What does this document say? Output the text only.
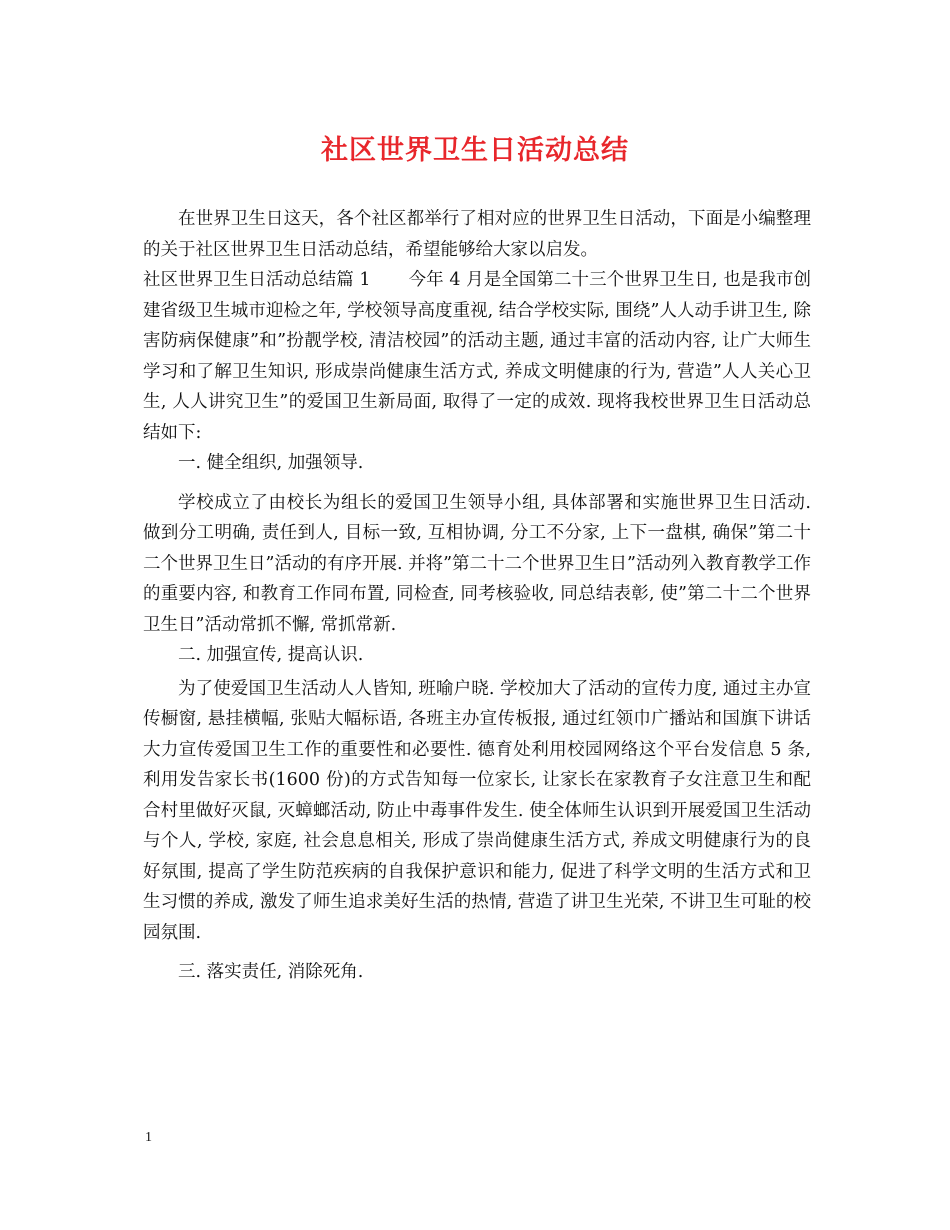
社区世界卫生日活动总结

在世界卫生日这天，各个社区都举行了相对应的世界卫生日活动，下面是小编整理的关于社区世界卫生日活动总结，希望能够给大家以启发。

社区世界卫生日活动总结篇 1 今年 4 月是全国第二十三个世界卫生日, 也是我市创建省级卫生城市迎检之年, 学校领导高度重视, 结合学校实际, 围绕”人人动手讲卫生, 除害防病保健康”和”扮靓学校, 清洁校园”的活动主题, 通过丰富的活动内容, 让广大师生学习和了解卫生知识, 形成崇尚健康生活方式, 养成文明健康的行为, 营造”人人关心卫生, 人人讲究卫生”的爱国卫生新局面, 取得了一定的成效. 现将我校世界卫生日活动总结如下:

一. 健全组织, 加强领导.

学校成立了由校长为组长的爱国卫生领导小组, 具体部署和实施世界卫生日活动. 做到分工明确, 责任到人, 目标一致, 互相协调, 分工不分家, 上下一盘棋, 确保”第二十二个世界卫生日”活动的有序开展. 并将”第二十二个世界卫生日”活动列入教育教学工作的重要内容, 和教育工作同布置, 同检查, 同考核验收, 同总结表彰, 使”第二十二个世界卫生日”活动常抓不懈, 常抓常新.

二. 加强宣传, 提高认识.

为了使爱国卫生活动人人皆知, 班喻户晓. 学校加大了活动的宣传力度, 通过主办宣传橱窗, 悬挂横幅, 张贴大幅标语, 各班主办宣传板报, 通过红领巾广播站和国旗下讲话大力宣传爱国卫生工作的重要性和必要性. 德育处利用校园网络这个平台发信息 5 条, 利用发告家长书(1600 份)的方式告知每一位家长, 让家长在家教育子女注意卫生和配合村里做好灭鼠, 灭蟑螂活动, 防止中毒事件发生. 使全体师生认识到开展爱国卫生活动与个人, 学校, 家庭, 社会息息相关, 形成了崇尚健康生活方式, 养成文明健康行为的良好氛围, 提高了学生防范疾病的自我保护意识和能力, 促进了科学文明的生活方式和卫生习惯的养成, 激发了师生追求美好生活的热情, 营造了讲卫生光荣, 不讲卫生可耻的校园氛围.

三. 落实责任, 消除死角.

1
